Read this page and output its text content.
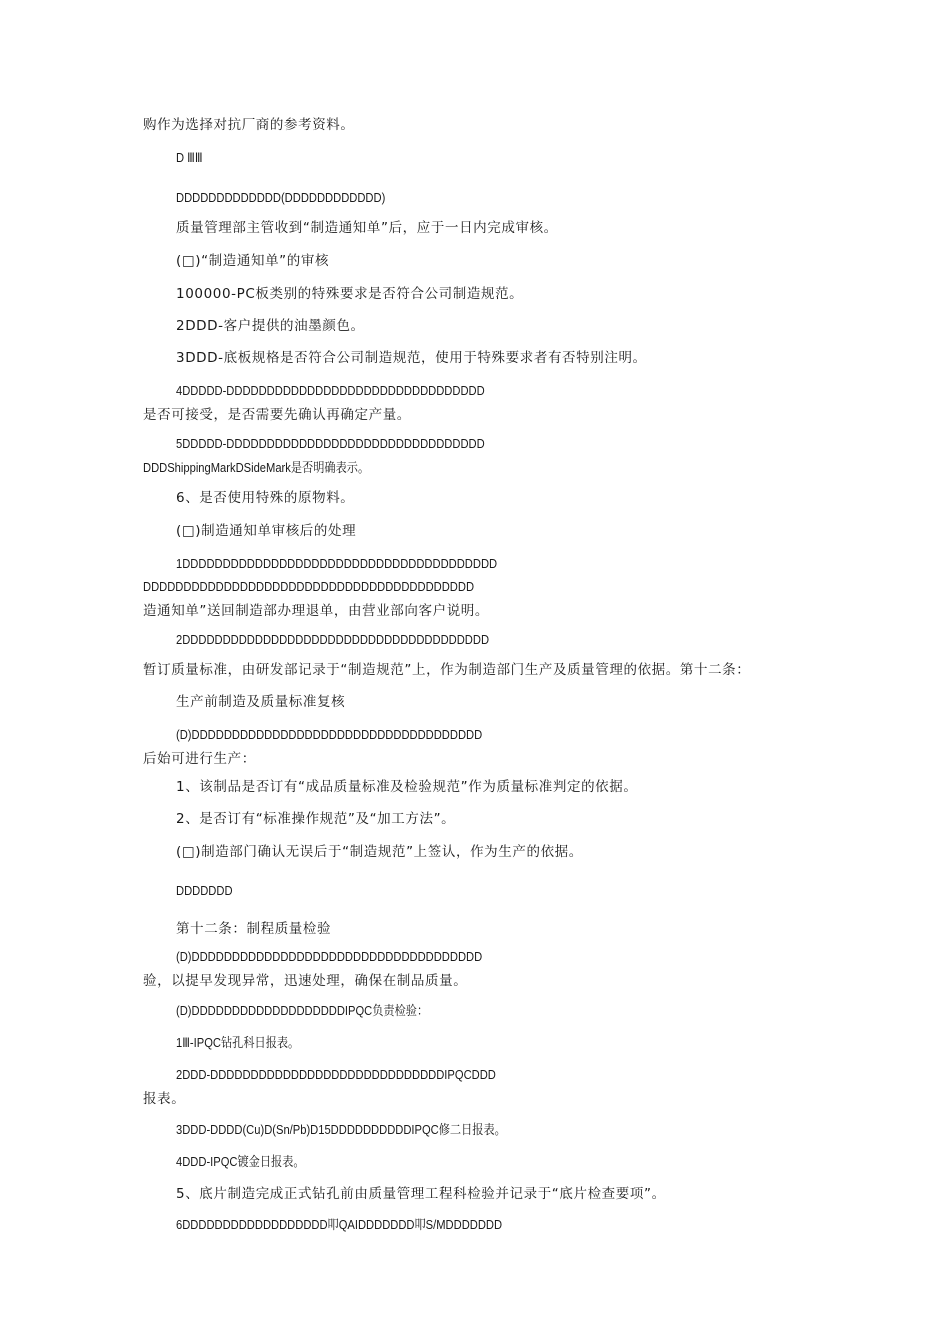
购作为选择对抗厂商的参考资料。
D ⅢⅢ
DDDDDDDDDDDDD(DDDDDDDDDDDD)
质量管理部主管收到“制造通知单”后，应于一日内完成审核。
(□)“制造通知单”的审核
100000-PC板类别的特殊要求是否符合公司制造规范。
2DDD-客户提供的油墨颜色。
3DDD-底板规格是否符合公司制造规范，使用于特殊要求者有否特别注明。
4DDDDD-DDDDDDDDDDDDDDDDDDDDDDDDDDDDDDDD
是否可接受，是否需要先确认再确定产量。
5DDDDD-DDDDDDDDDDDDDDDDDDDDDDDDDDDDDDDD
DDDShippingMarkDSideMark是否明确表示。
6、是否使用特殊的原物料。
(□)制造通知单审核后的处理
1DDDDDDDDDDDDDDDDDDDDDDDDDDDDDDDDDDDDDDD
DDDDDDDDDDDDDDDDDDDDDDDDDDDDDDDDDDDDDDDDD
造通知单”送回制造部办理退单，由营业部向客户说明。
2DDDDDDDDDDDDDDDDDDDDDDDDDDDDDDDDDDDDDD
暂订质量标准，由研发部记录于“制造规范”上，作为制造部门生产及质量管理的依据。第十二条：
生产前制造及质量标准复核
(D)DDDDDDDDDDDDDDDDDDDDDDDDDDDDDDDDDDDD
后始可进行生产：
1、该制品是否订有“成品质量标准及检验规范”作为质量标准判定的依据。
2、是否订有“标准操作规范”及“加工方法”。
(□)制造部门确认无误后于“制造规范”上签认，作为生产的依据。
DDDDDDD
第十二条：制程质量检验
(D)DDDDDDDDDDDDDDDDDDDDDDDDDDDDDDDDDDDD
验，以提早发现异常，迅速处理，确保在制品质量。
(D)DDDDDDDDDDDDDDDDDDDIPQC负责检验：
1Ⅲ-IPQC钻孔科日报表。
2DDD-DDDDDDDDDDDDDDDDDDDDDDDDDDDDDIPQCDDD
报表。
3DDD-DDDD(Cu)D(Sn/Pb)D15DDDDDDDDDDIPQC修二日报表。
4DDD-IPQC镀金日报表。
5、底片制造完成正式钻孔前由质量管理工程科检验并记录于“底片检查要项”。
6DDDDDDDDDDDDDDDDDD叩QAIDDDDDDD叩S/MDDDDDDD
